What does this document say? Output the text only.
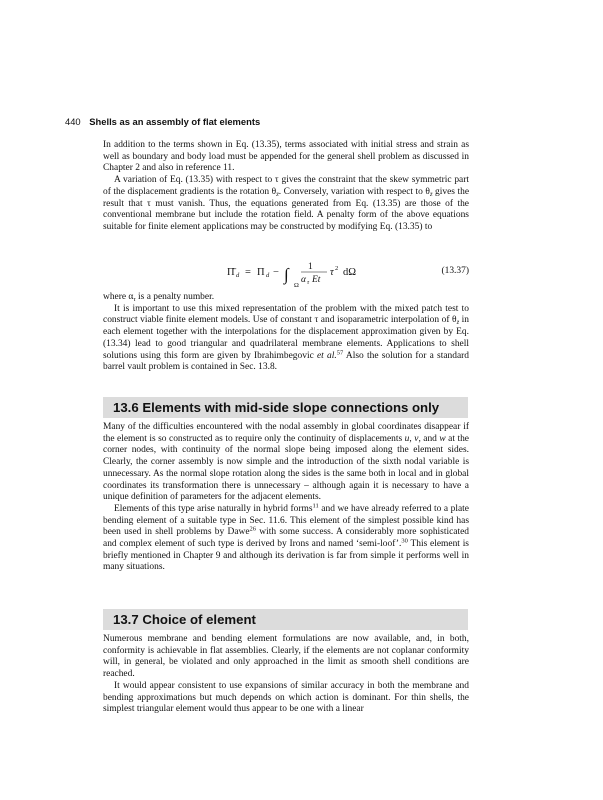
440 Shells as an assembly of flat elements

In addition to the terms shown in Eq. (13.35), terms associated with initial stress and strain as well as boundary and body load must be appended for the general shell problem as discussed in Chapter 2 and also in reference 11.

A variation of Eq. (13.35) with respect to τ gives the constraint that the skew symmetric part of the displacement gradients is the rotation $\theta_{z̄}$. Conversely, variation with respect to $\theta_{z̄}$ gives the result that τ must vanish. Thus, the equations generated from Eq. (13.35) are those of the conventional membrane but include the rotation field. A penalty form of the above equations suitable for finite element applications may be constructed by modifying Eq. (13.35) to

Π̄ d = Π d − ∫
Ω
1
α τ Et
τ 2 dΩ	(13.37)

where $\alpha_\tau$ is a penalty number.

It is important to use this mixed representation of the problem with the mixed patch test to construct viable finite element models. Use of constant τ and isoparametric interpolation of $\theta_{z̄}$ in each element together with the interpolations for the displacement approximation given by Eq. (13.34) lead to good triangular and quadrilateral membrane elements. Applications to shell solutions using this form are given by Ibrahimbegovic et al.$^{57}$ Also the solution for a standard barrel vault problem is contained in Sec. 13.8.

13.6 Elements with mid-side slope connections only

Many of the difficulties encountered with the nodal assembly in global coordinates disappear if the element is so constructed as to require only the continuity of displacements u, v, and w at the corner nodes, with continuity of the normal slope being imposed along the element sides. Clearly, the corner assembly is now simple and the introduction of the sixth nodal variable is unnecessary. As the normal slope rotation along the sides is the same both in local and in global coordinates its transformation there is unnecessary – although again it is necessary to have a unique definition of parameters for the adjacent elements.

Elements of this type arise naturally in hybrid forms$^{11}$ and we have already referred to a plate bending element of a suitable type in Sec. 11.6. This element of the simplest possible kind has been used in shell problems by Dawe$^{26}$ with some success. A considerably more sophisticated and complex element of such type is derived by Irons and named ‘semi-loof’.$^{30}$ This element is briefly mentioned in Chapter 9 and although its derivation is far from simple it performs well in many situations.

13.7 Choice of element

Numerous membrane and bending element formulations are now available, and, in both, conformity is achievable in flat assemblies. Clearly, if the elements are not coplanar conformity will, in general, be violated and only approached in the limit as smooth shell conditions are reached.

It would appear consistent to use expansions of similar accuracy in both the membrane and bending approximations but much depends on which action is dominant. For thin shells, the simplest triangular element would thus appear to be one with a linear
